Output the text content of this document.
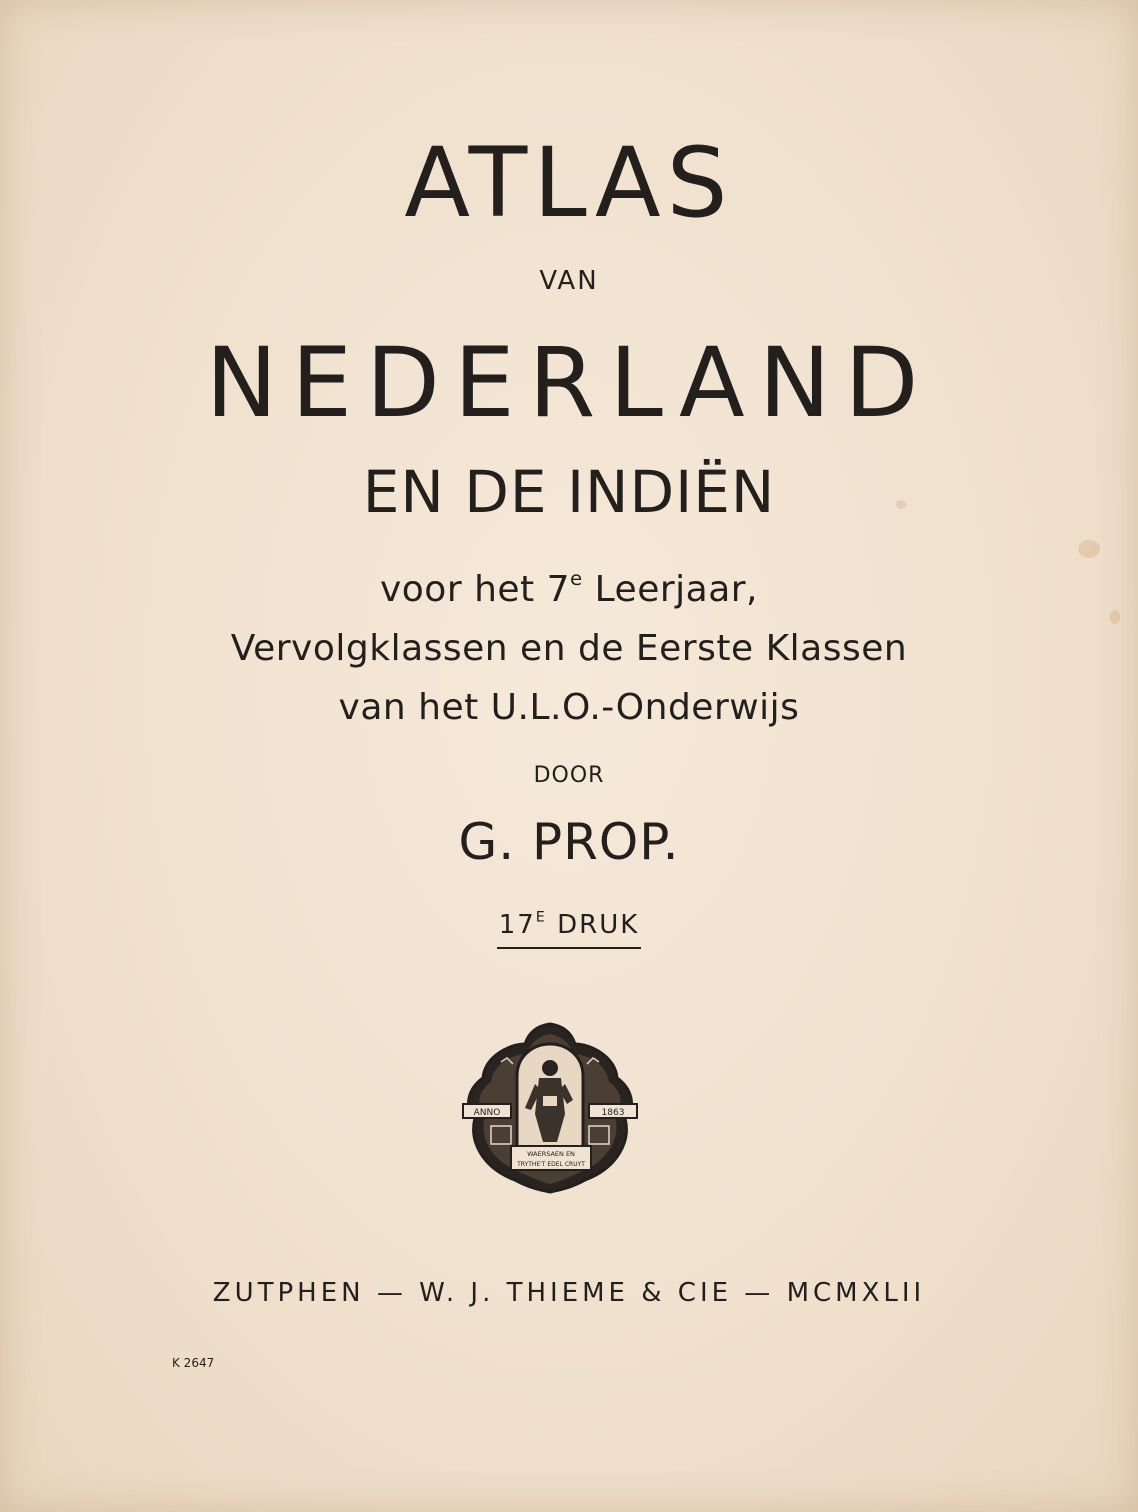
ATLAS
VAN
NEDERLAND
EN DE INDIËN
voor het 7e Leerjaar,
Vervolgklassen en de Eerste Klassen
van het U.L.O.-Onderwijs
DOOR
G. PROP.
$17^E$ DRUK
ANNO	1863
WAERSAEN EN
TRYTHE'T EDEL CRUYT
ZUTPHEN — W. J. THIEME & CIE — MCMXLII
K 2647
